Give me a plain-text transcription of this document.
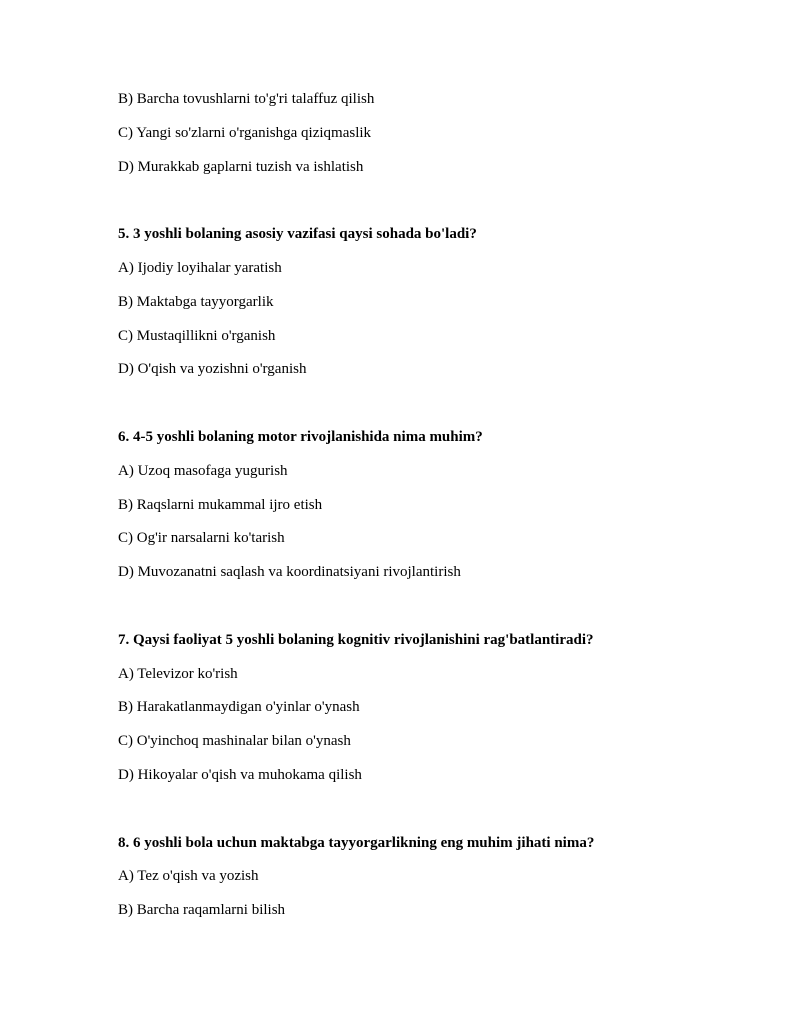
B) Barcha tovushlarni to'g'ri talaffuz qilish
C) Yangi so'zlarni o'rganishga qiziqmaslik
D) Murakkab gaplarni tuzish va ishlatish
5. 3 yoshli bolaning asosiy vazifasi qaysi sohada bo'ladi?
A) Ijodiy loyihalar yaratish
B) Maktabga tayyorgarlik
C) Mustaqillikni o'rganish
D) O'qish va yozishni o'rganish
6. 4-5 yoshli bolaning motor rivojlanishida nima muhim?
A) Uzoq masofaga yugurish
B) Raqslarni mukammal ijro etish
C) Og'ir narsalarni ko'tarish
D) Muvozanatni saqlash va koordinatsiyani rivojlantirish
7. Qaysi faoliyat 5 yoshli bolaning kognitiv rivojlanishini rag'batlantiradi?
A) Televizor ko'rish
B) Harakatlanmaydigan o'yinlar o'ynash
C) O'yinchoq mashinalar bilan o'ynash
D) Hikoyalar o'qish va muhokama qilish
8. 6 yoshli bola uchun maktabga tayyorgarlikning eng muhim jihati nima?
A) Tez o'qish va yozish
B) Barcha raqamlarni bilish
